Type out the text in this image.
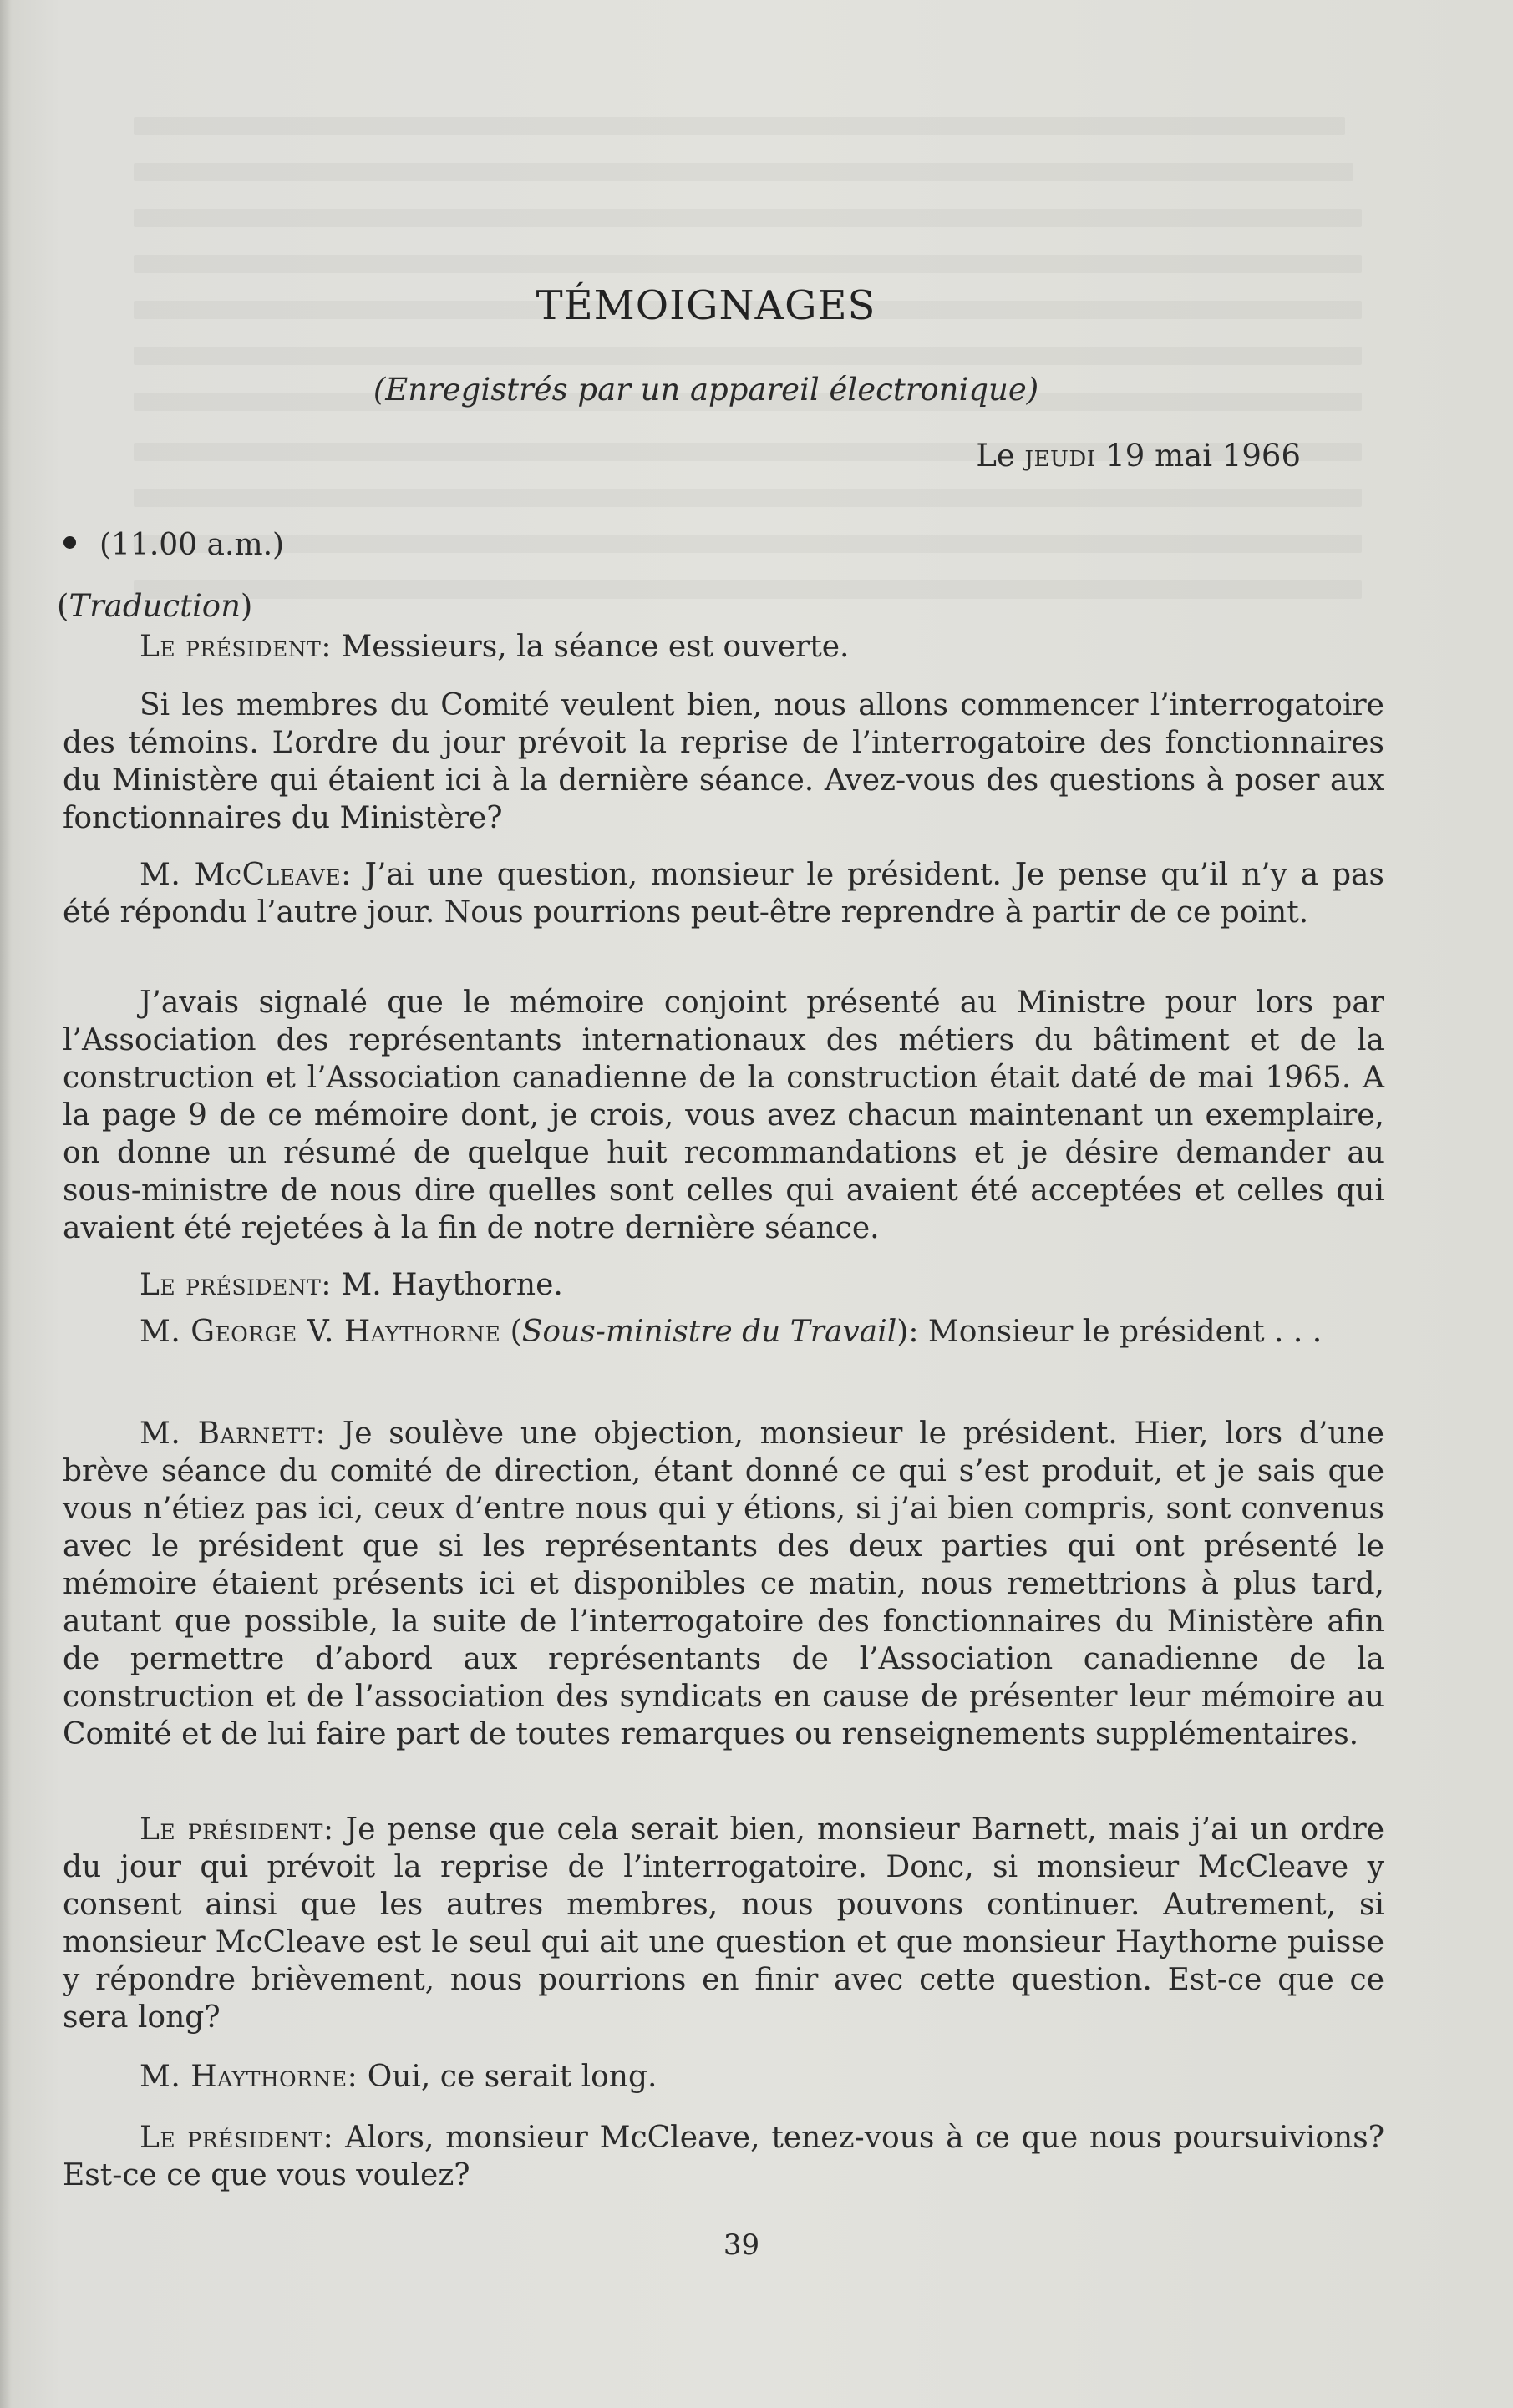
TÉMOIGNAGES
(Enregistrés par un appareil électronique)
Le jeudi 19 mai 1966
(11.00 a.m.)
(Traduction)
Le président: Messieurs, la séance est ouverte.
Si les membres du Comité veulent bien, nous allons commencer l’interrogatoire des témoins. L’ordre du jour prévoit la reprise de l’interrogatoire des fonctionnaires du Ministère qui étaient ici à la dernière séance. Avez-vous des questions à poser aux fonctionnaires du Ministère?
M. McCleave: J’ai une question, monsieur le président. Je pense qu’il n’y a pas été répondu l’autre jour. Nous pourrions peut-être reprendre à partir de ce point.
J’avais signalé que le mémoire conjoint présenté au Ministre pour lors par l’Association des représentants internationaux des métiers du bâtiment et de la construction et l’Association canadienne de la construction était daté de mai 1965. A la page 9 de ce mémoire dont, je crois, vous avez chacun maintenant un exemplaire, on donne un résumé de quelque huit recommandations et je désire demander au sous-ministre de nous dire quelles sont celles qui avaient été acceptées et celles qui avaient été rejetées à la fin de notre dernière séance.
Le président: M. Haythorne.
M. George V. Haythorne (Sous-ministre du Travail): Monsieur le président . . .
M. Barnett: Je soulève une objection, monsieur le président. Hier, lors d’une brève séance du comité de direction, étant donné ce qui s’est produit, et je sais que vous n’étiez pas ici, ceux d’entre nous qui y étions, si j’ai bien compris, sont convenus avec le président que si les représentants des deux parties qui ont présenté le mémoire étaient présents ici et disponibles ce matin, nous remettrions à plus tard, autant que possible, la suite de l’interrogatoire des fonctionnaires du Ministère afin de permettre d’abord aux représentants de l’Association canadienne de la construction et de l’association des syndicats en cause de présenter leur mémoire au Comité et de lui faire part de toutes remarques ou renseignements supplémentaires.
Le président: Je pense que cela serait bien, monsieur Barnett, mais j’ai un ordre du jour qui prévoit la reprise de l’interrogatoire. Donc, si monsieur McCleave y consent ainsi que les autres membres, nous pouvons continuer. Autrement, si monsieur McCleave est le seul qui ait une question et que monsieur Haythorne puisse y répondre brièvement, nous pourrions en finir avec cette question. Est-ce que ce sera long?
M. Haythorne: Oui, ce serait long.
Le président: Alors, monsieur McCleave, tenez-vous à ce que nous poursuivions? Est-ce ce que vous voulez?
39
